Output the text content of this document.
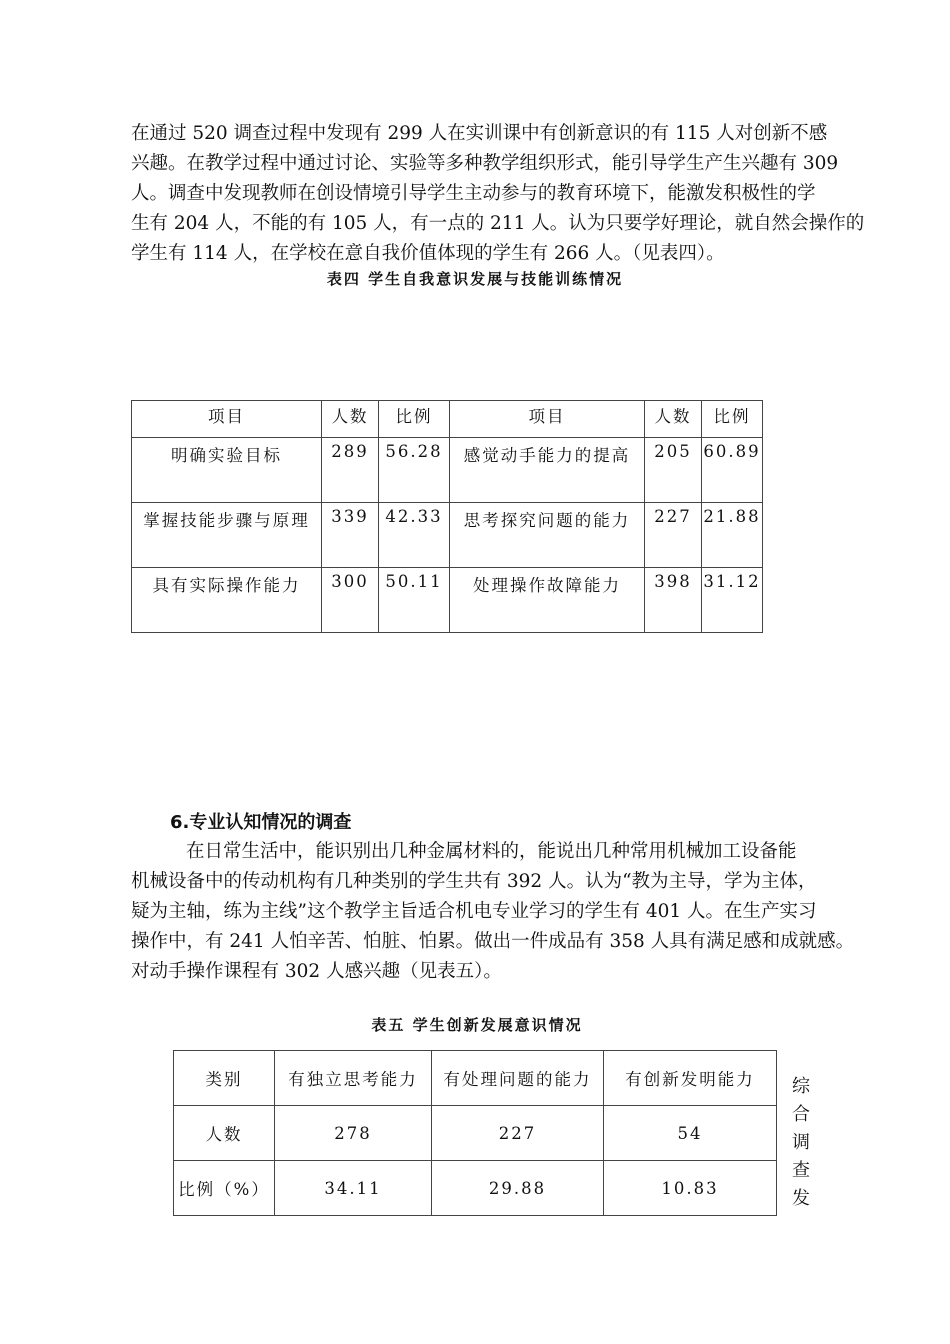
在通过 520 调查过程中发现有 299 人在实训课中有创新意识的有 115 人对创新不感
兴趣。在教学过程中通过讨论、实验等多种教学组织形式，能引导学生产生兴趣有 309
人。调查中发现教师在创设情境引导学生主动参与的教育环境下，能激发积极性的学
生有 204 人，不能的有 105 人，有一点的 211 人。认为只要学好理论，就自然会操作的
学生有 114 人，在学校在意自我价值体现的学生有 266 人。（见表四）。
表四 学生自我意识发展与技能训练情况
项目	人数	比例	项目	人数	比例
明确实验目标	289	56.28	感觉动手能力的提高	205	60.89
掌握技能步骤与原理	339	42.33	思考探究问题的能力	227	21.88
具有实际操作能力	300	50.11	处理操作故障能力	398	31.12
6.专业认知情况的调查
在日常生活中，能识别出几种金属材料的，能说出几种常用机械加工设备能
机械设备中的传动机构有几种类别的学生共有 392 人。认为“教为主导，学为主体，
疑为主轴，练为主线”这个教学主旨适合机电专业学习的学生有 401 人。在生产实习
操作中，有 241 人怕辛苦、怕脏、怕累。做出一件成品有 358 人具有满足感和成就感。
对动手操作课程有 302 人感兴趣（见表五）。
表五 学生创新发展意识情况
类别	有独立思考能力	有处理问题的能力	有创新发明能力
人数	278	227	54
比例（%）	34.11	29.88	10.83
综
合
调
查
发
